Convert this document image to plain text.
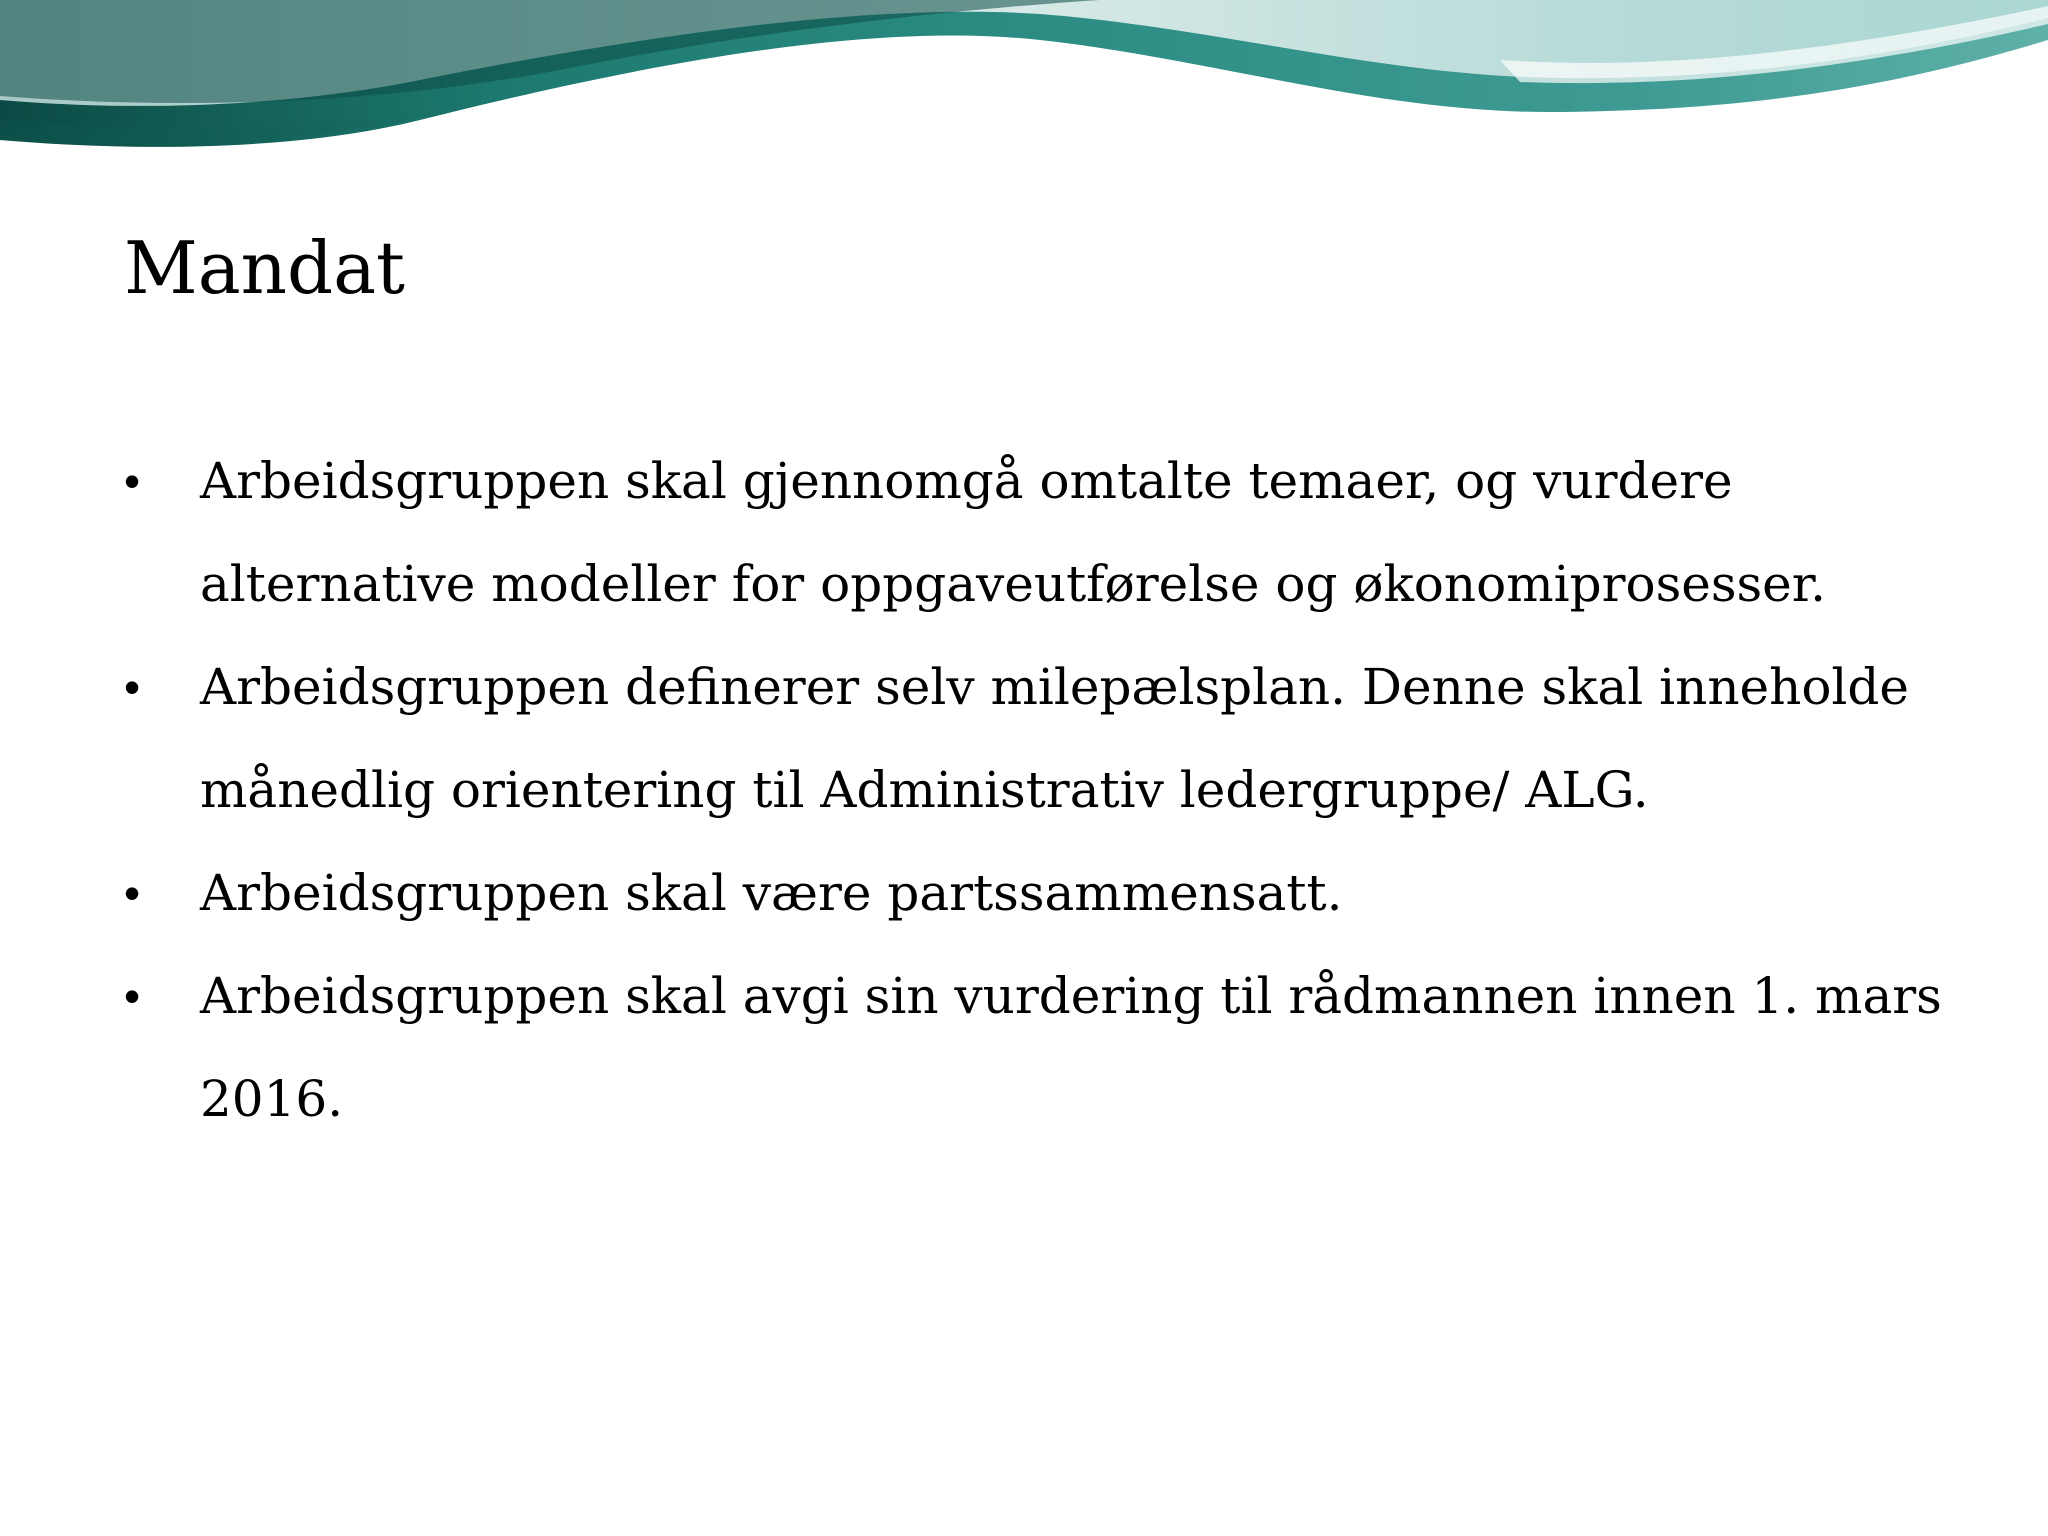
Mandat
•	Arbeidsgruppen skal gjennomgå omtalte temaer, og vurdere alternative modeller for oppgaveutførelse og økonomiprosesser.
•	Arbeidsgruppen definerer selv milepælsplan. Denne skal inneholde månedlig orientering til Administrativ ledergruppe/ ALG.
•	Arbeidsgruppen skal være partssammensatt.
•	Arbeidsgruppen skal avgi sin vurdering til rådmannen innen 1. mars 2016.
